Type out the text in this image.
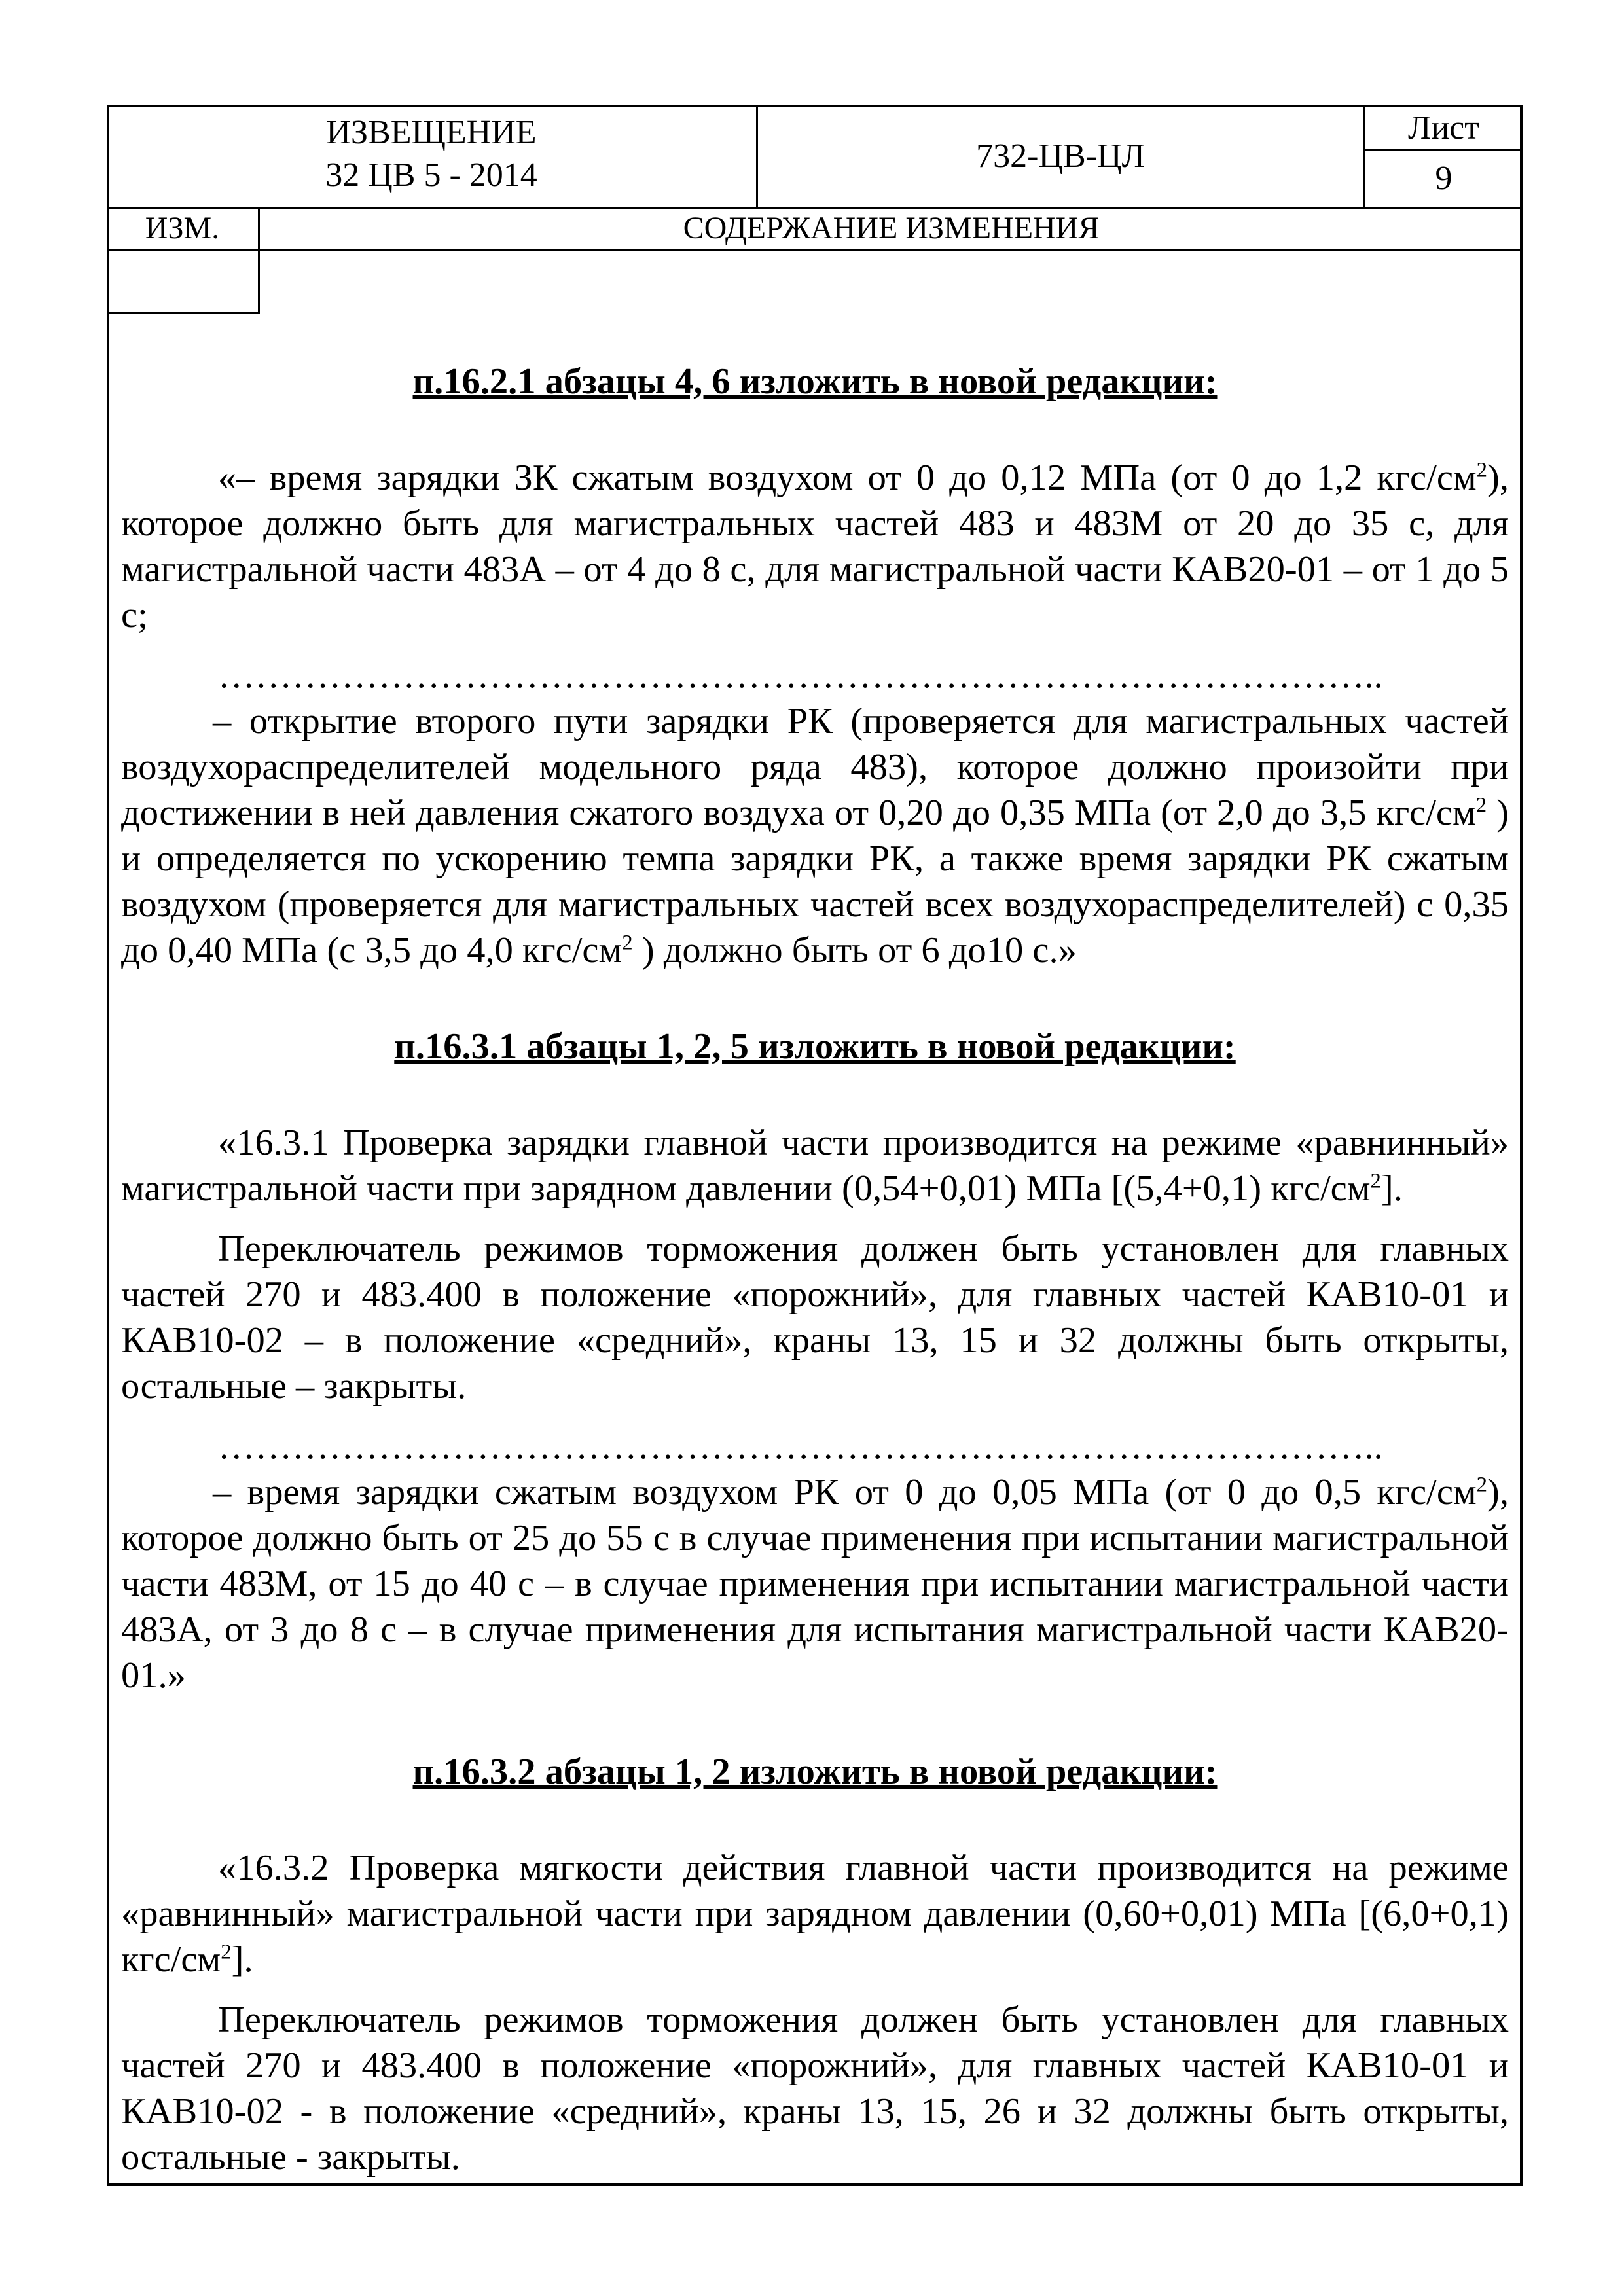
ИЗВЕЩЕНИЕ
32 ЦВ 5 - 2014
732-ЦВ-ЦЛ
Лист
9
ИЗМ.	СОДЕРЖАНИЕ ИЗМЕНЕНИЯ
п.16.2.1 абзацы 4, 6 изложить в новой редакции:

«– время зарядки ЗК сжатым воздухом от 0 до 0,12 МПа (от 0 до 1,2 кгс/$см^2$), которое должно быть для магистральных частей 483 и 483М от 20 до 35 с, для магистральной части 483А – от 4 до 8 с, для магистральной части КАВ20-01 – от 1 до 5 с;

…………………………………………………………………………………..

– открытие второго пути зарядки РК (проверяется для магистральных частей воздухораспределителей модельного ряда 483), которое должно произойти при достижении в ней давления сжатого воздуха от 0,20 до 0,35 МПа (от 2,0 до 3,5 кгс/$см^2$ ) и определяется по ускорению темпа зарядки РК, а также время зарядки РК сжатым воздухом (проверяется для магистральных частей всех воздухораспределителей) с 0,35 до 0,40 МПа (с 3,5 до 4,0 кгс/$см^2$ ) должно быть от 6 до10 с.»

п.16.3.1 абзацы 1, 2, 5 изложить в новой редакции:

«16.3.1 Проверка зарядки главной части производится на режиме «равнинный» магистральной части при зарядном давлении (0,54+0,01) МПа [(5,4+0,1) кгс/$см^2$].

Переключатель режимов торможения должен быть установлен для главных частей 270 и 483.400 в положение «порожний», для главных частей КАВ10-01 и КАВ10-02 – в положение «средний», краны 13, 15 и 32 должны быть открыты, остальные – закрыты.

…………………………………………………………………………………..

– время зарядки сжатым воздухом РК от 0 до 0,05 МПа (от 0 до 0,5 кгс/$см^2$), которое должно быть от 25 до 55 с в случае применения при испытании магистральной части 483М, от 15 до 40 с – в случае применения при испытании магистральной части 483А, от 3 до 8 с – в случае применения для испытания магистральной части КАВ20-01.»

п.16.3.2 абзацы 1, 2 изложить в новой редакции:

«16.3.2 Проверка мягкости действия главной части производится на режиме «равнинный» магистральной части при зарядном давлении (0,60+0,01) МПа [(6,0+0,1) кгс/$см^2$].

Переключатель режимов торможения должен быть установлен для главных частей 270 и 483.400 в положение «порожний», для главных частей КАВ10-01 и КАВ10-02 - в положение «средний», краны 13, 15, 26 и 32 должны быть открыты, остальные - закрыты.
